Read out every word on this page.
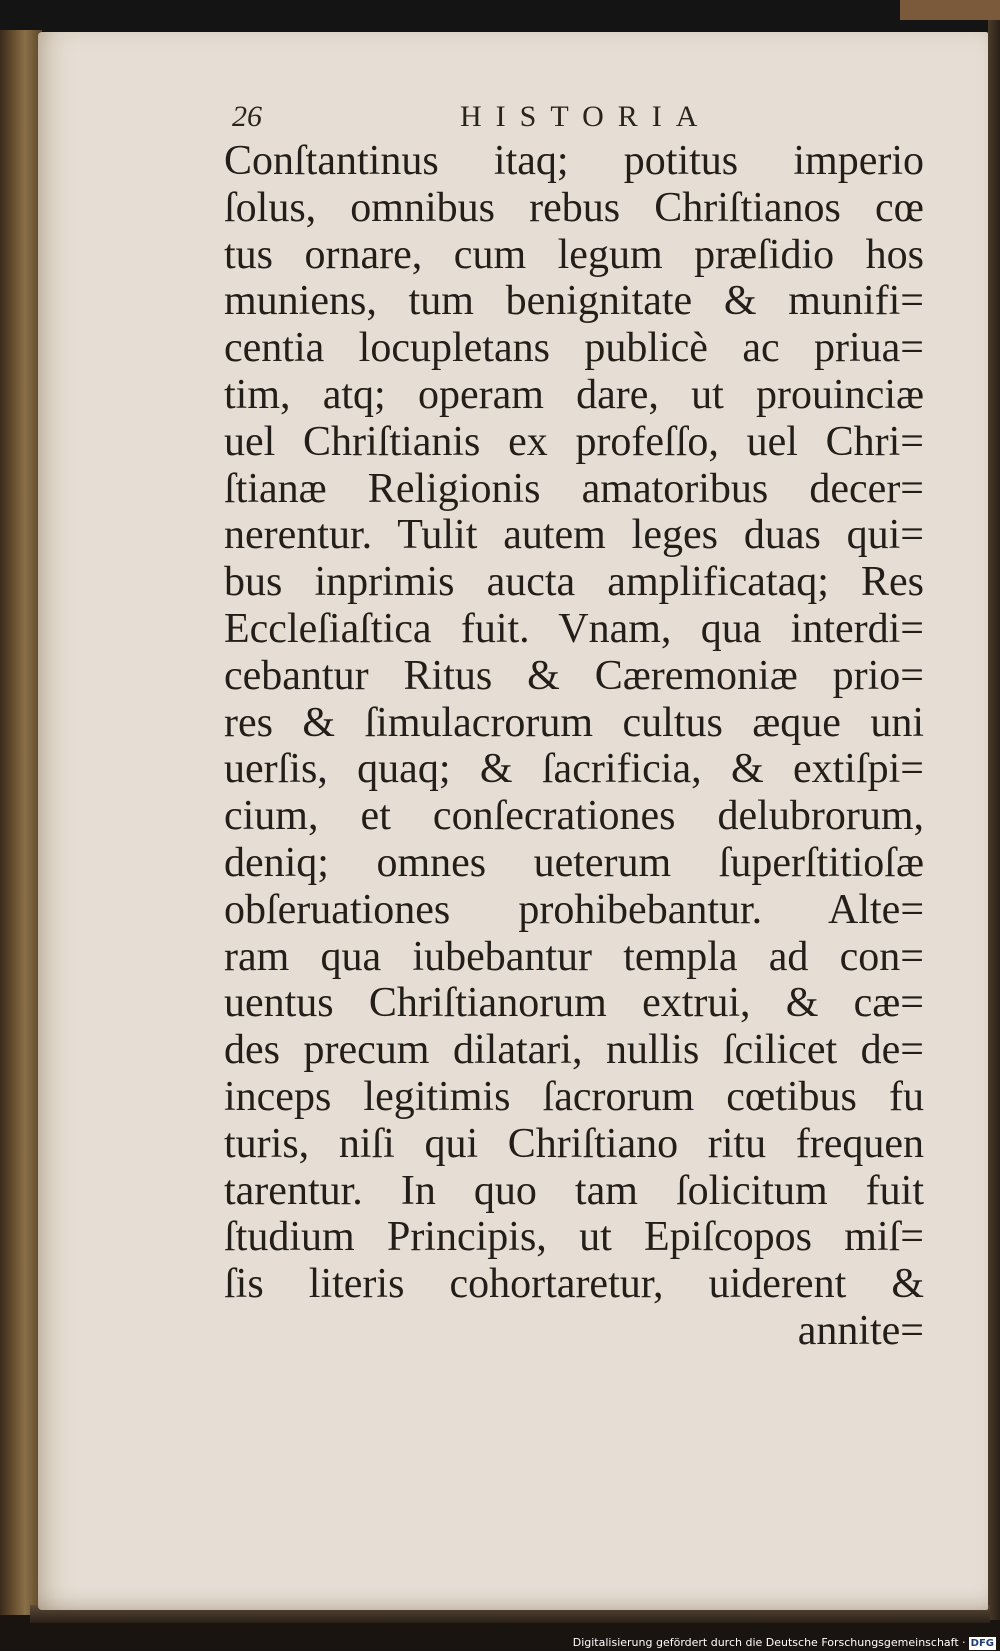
26	HISTORIA
Conſtantinus itaq; potitus imperio
ſolus, omnibus rebus Chriſtianos cœ
tus ornare, cum legum præſidio hos
muniens, tum benignitate & munifi=
centia locupletans publicè ac priua=
tim, atq; operam dare, ut prouinciæ
uel Chriſtianis ex profeſſo, uel Chri=
ſtianæ Religionis amatoribus decer=
nerentur. Tulit autem leges duas qui=
bus inprimis aucta amplificataq; Res
Eccleſiaſtica fuit. Vnam, qua interdi=
cebantur Ritus & Cæremoniæ prio=
res & ſimulacrorum cultus æque uni
uerſis, quaq; & ſacrificia, & extiſpi=
cium, et conſecrationes delubrorum,
deniq; omnes ueterum ſuperſtitioſæ
obſeruationes prohibebantur. Alte=
ram qua iubebantur templa ad con=
uentus Chriſtianorum extrui, & cæ=
des precum dilatari, nullis ſcilicet de=
inceps legitimis ſacrorum cœtibus fu
turis, niſi qui Chriſtiano ritu frequen
tarentur. In quo tam ſolicitum fuit
ſtudium Principis, ut Epiſcopos miſ=
ſis literis cohortaretur, uiderent &
annite=
Digitalisierung gefördert durch die Deutsche Forschungsgemeinschaft · DFG
